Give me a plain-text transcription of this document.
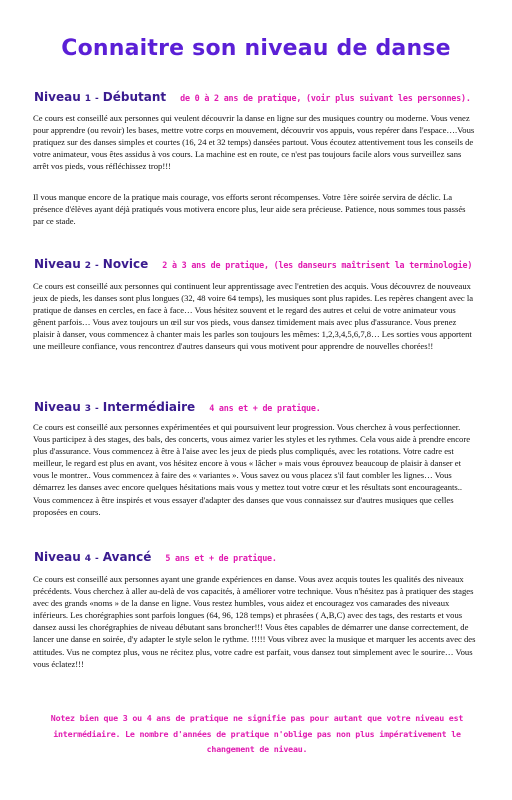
Connaitre son niveau de danse
Niveau 1 - Débutant de 0 à 2 ans de pratique, (voir plus suivant les personnes).
Ce cours est conseillé aux personnes qui veulent découvrir la danse en ligne sur des musiques country ou moderne. Vous venez pour apprendre (ou revoir) les bases, mettre votre corps en mouvement, découvrir vos appuis, vous repérer dans l'espace….Vous pratiquez sur des danses simples et courtes (16, 24 et 32 temps) dansées partout. Vous écoutez attentivement tous les conseils de votre animateur, vous êtes assidus à vos cours. La machine est en route, ce n'est pas toujours facile alors vous surveillez sans arrêt vos pieds, vous réfléchissez trop!!!
Il vous manque encore de la pratique mais courage, vos efforts seront récompenses. Votre 1ère soirée servira de déclic. La présence d'élèves ayant déjà pratiqués vous motivera encore plus, leur aide sera précieuse. Patience, nous sommes tous passés par ce stade.
Niveau 2 - Novice 2 à 3 ans de pratique, (les danseurs maîtrisent la terminologie)
Ce cours est conseillé aux personnes qui continuent leur apprentissage avec l'entretien des acquis. Vous découvrez de nouveaux jeux de pieds, les danses sont plus longues (32, 48 voire 64 temps), les musiques sont plus rapides. Les repères changent avec la pratique de danses en cercles, en face à face… Vous hésitez souvent et le regard des autres et celui de votre animateur vous gênent parfois… Vous avez toujours un œil sur vos pieds, vous dansez timidement mais avec plus d'assurance. Vous prenez plaisir à danser, vous commencez à chanter mais les parles son toujours les mêmes: 1,2,3,4,5,6,7,8… Les sorties vous apportent une meilleure confiance, vous rencontrez d'autres danseurs qui vous motivent pour apprendre de nouvelles chorées!!
Niveau 3 - Intermédiaire 4 ans et + de pratique.
Ce cours est conseillé aux personnes expérimentées et qui poursuivent leur progression. Vous cherchez à vous perfectionner. Vous participez à des stages, des bals, des concerts, vous aimez varier les styles et les rythmes. Cela vous aide à prendre encore plus d'assurance. Vous commencez à être à l'aise avec les jeux de pieds plus compliqués, avec les rotations. Votre cadre est meilleur, le regard est plus en avant, vos hésitez encore à vous « lâcher » mais vous éprouvez beaucoup de plaisir à danser et vous le montrer.. Vous commencez à faire des « variantes ». Vous savez ou vous placez s'il faut combler les lignes… Vous démarrez les danses avec encore quelques hésitations mais vous y mettez tout votre cœur et les résultats sont encourageants.. Vous commencez à être inspirés et vous essayer d'adapter des danses que vous connaissez sur d'autres musiques que celles proposées en cours.
Niveau 4 - Avancé 5 ans et + de pratique.
Ce cours est conseillé aux personnes ayant une grande expériences en danse. Vous avez acquis toutes les qualités des niveaux précédents. Vous cherchez à aller au-delà de vos capacités, à améliorer votre technique. Vous n'hésitez pas à pratiquer des stages avec des grands «noms » de la danse en ligne. Vous restez humbles, vous aidez et encouragez vos camarades des niveaux inférieurs. Les chorégraphies sont parfois longues (64, 96, 128 temps) et phrasées ( A,B,C) avec des tags, des restarts et vous dansez aussi les chorégraphies de niveau débutant sans broncher!!! Vous êtes capables de démarrer une danse correctement, de lancer une danse en soirée, d'y adapter le style selon le rythme. !!!!! Vous vibrez avec la musique et marquer les accents avec des attitudes. Vus ne comptez plus, vous ne récitez plus, votre cadre est parfait, vous dansez tout simplement avec le sourire… Vous vous éclatez!!!
Notez bien que 3 ou 4 ans de pratique ne signifie pas pour autant que votre niveau est intermédiaire. Le nombre d'années de pratique n'oblige pas non plus impérativement le changement de niveau.
